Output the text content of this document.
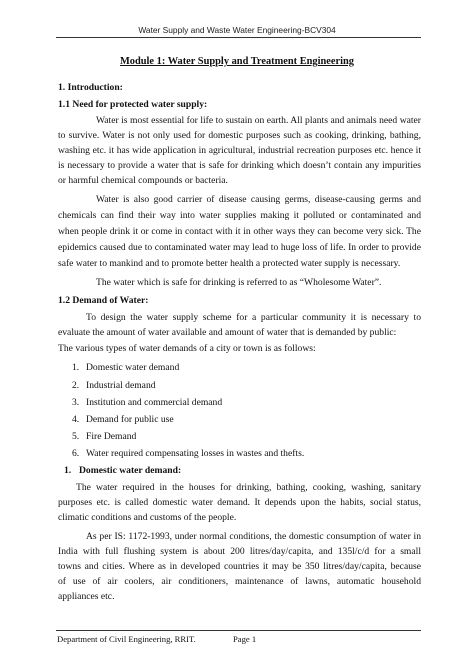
Water Supply and Waste Water Engineering-BCV304
Module 1: Water Supply and Treatment Engineering
1. Introduction:
1.1 Need for protected water supply:
Water is most essential for life to sustain on earth. All plants and animals need water
to survive. Water is not only used for domestic purposes such as cooking, drinking, bathing,
washing etc. it has wide application in agricultural, industrial recreation purposes etc. hence it
is necessary to provide a water that is safe for drinking which doesn’t contain any impurities
or harmful chemical compounds or bacteria.
Water is also good carrier of disease causing germs, disease-causing germs and
chemicals can find their way into water supplies making it polluted or contaminated and
when people drink it or come in contact with it in other ways they can become very sick. The
epidemics caused due to contaminated water may lead to huge loss of life. In order to provide
safe water to mankind and to promote better health a protected water supply is necessary.
The water which is safe for drinking is referred to as “Wholesome Water”.
1.2 Demand of Water:
To design the water supply scheme for a particular community it is necessary to
evaluate the amount of water available and amount of water that is demanded by public:
The various types of water demands of a city or town is as follows:
1. Domestic water demand
2. Industrial demand
3. Institution and commercial demand
4. Demand for public use
5. Fire Demand
6. Water required compensating losses in wastes and thefts.
1. Domestic water demand:
The water required in the houses for drinking, bathing, cooking, washing, sanitary
purposes etc. is called domestic water demand. It depends upon the habits, social status,
climatic conditions and customs of the people.
As per IS: 1172-1993, under normal conditions, the domestic consumption of water in
India with full flushing system is about 200 litres/day/capita, and 135l/c/d for a small
towns and cities. Where as in developed countries it may be 350 litres/day/capita, because
of use of air coolers, air conditioners, maintenance of lawns, automatic household
appliances etc.
Department of Civil Engineering, RRIT.	Page 1
